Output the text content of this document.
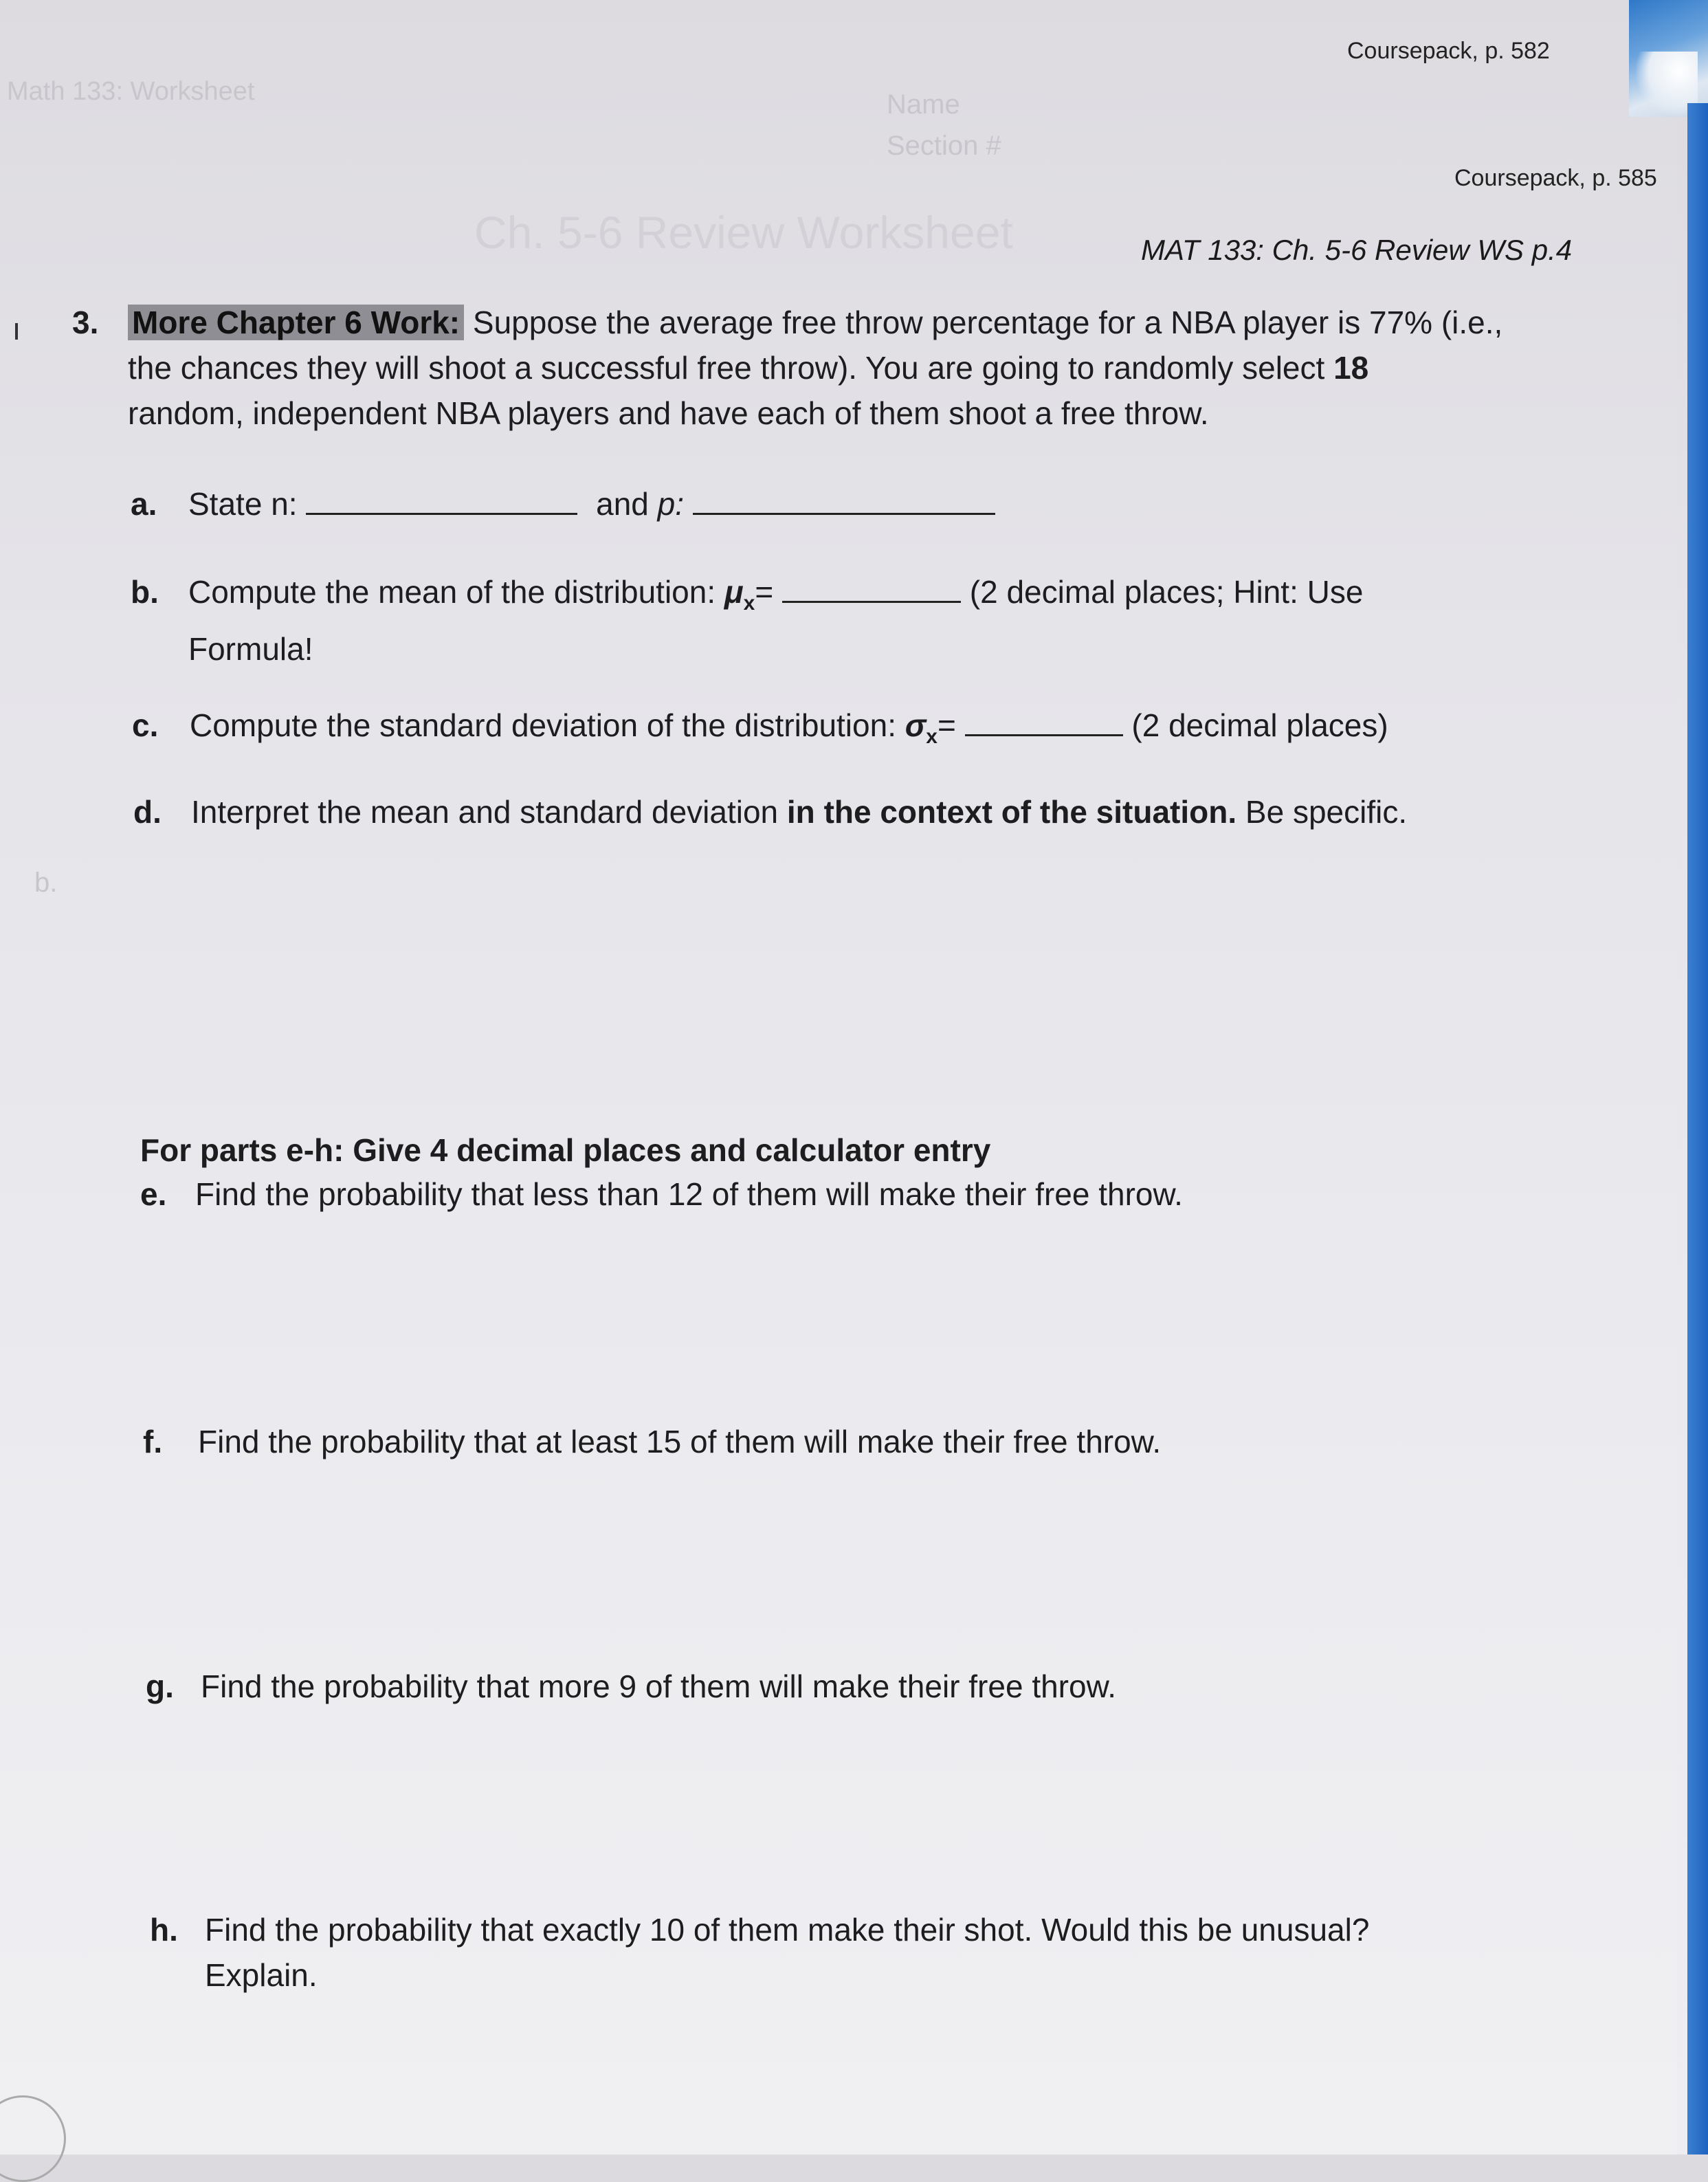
Math 133: Worksheet	Name
Section #
Ch. 5-6 Review Worksheet
Coursepack, p. 582
Coursepack, p. 585
MAT 133: Ch. 5-6 Review WS p.4
3. More Chapter 6 Work: Suppose the average free throw percentage for a NBA player is 77% (i.e.,
the chances they will shoot a successful free throw). You are going to randomly select 18
random, independent NBA players and have each of them shoot a free throw.
a. State n:	and p:
b. Compute the mean of the distribution: $\mu_x=$	(2 decimal places; Hint: Use
Formula!
c. Compute the standard deviation of the distribution: $\sigma_x=$	(2 decimal places)
d. Interpret the mean and standard deviation in the context of the situation. Be specific.
b.
For parts e-h: Give 4 decimal places and calculator entry
e. Find the probability that less than 12 of them will make their free throw.
f. Find the probability that at least 15 of them will make their free throw.
g. Find the probability that more 9 of them will make their free throw.
h. Find the probability that exactly 10 of them make their shot. Would this be unusual?
Explain.
